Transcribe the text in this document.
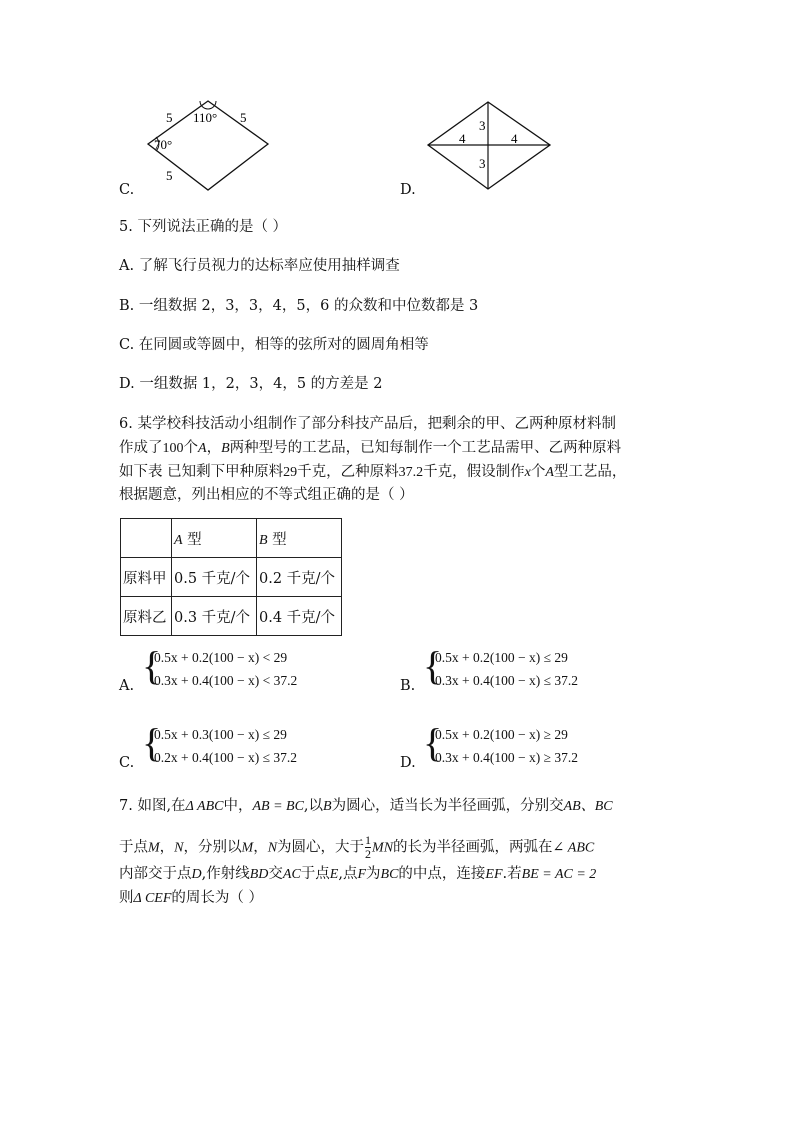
C.
5	5
5
110°
70°
D.
3
3
4	4
5. 下列说法正确的是（ ）
A. 了解飞行员视力的达标率应使用抽样调查
B. 一组数据 2，3，3，4，5，6 的众数和中位数都是 3
C. 在同圆或等圆中，相等的弦所对的圆周角相等
D. 一组数据 1，2，3，4，5 的方差是 2
6. 某学校科技活动小组制作了部分科技产品后，把剩余的甲、乙两种原材料制
作成了100个A，B两种型号的工艺品，已知每制作一个工艺品需甲、乙两种原料
如下表 已知剩下甲种原料29千克，乙种原料37.2千克，假设制作x个A型工艺品，
根据题意，列出相应的不等式组正确的是（ ）
	A 型	B 型
原料甲	0.5 千克/个	0.2 千克/个
原料乙	0.3 千克/个	0.4 千克/个
A. {
0.5x + 0.2(100 − x) < 29
0.3x + 0.4(100 − x) < 37.2	B. {
0.5x + 0.2(100 − x) ≤ 29
0.3x + 0.4(100 − x) ≤ 37.2
C. {
0.5x + 0.3(100 − x) ≤ 29
0.2x + 0.4(100 − x) ≤ 37.2	D. {
0.5x + 0.2(100 − x) ≥ 29
0.3x + 0.4(100 − x) ≥ 37.2
7. 如图,在Δ ABC中，AB = BC,以B为圆心，适当长为半径画弧，分别交AB、BC
于点M，N，分别以M，N为圆心，大于 $\frac{1}{2}$ MN的长为半径画弧，两弧在∠ ABC
内部交于点D,作射线BD交AC于点E,点F为BC的中点，连接EF.若BE = AC = 2
则Δ CEF的周长为（ ）
